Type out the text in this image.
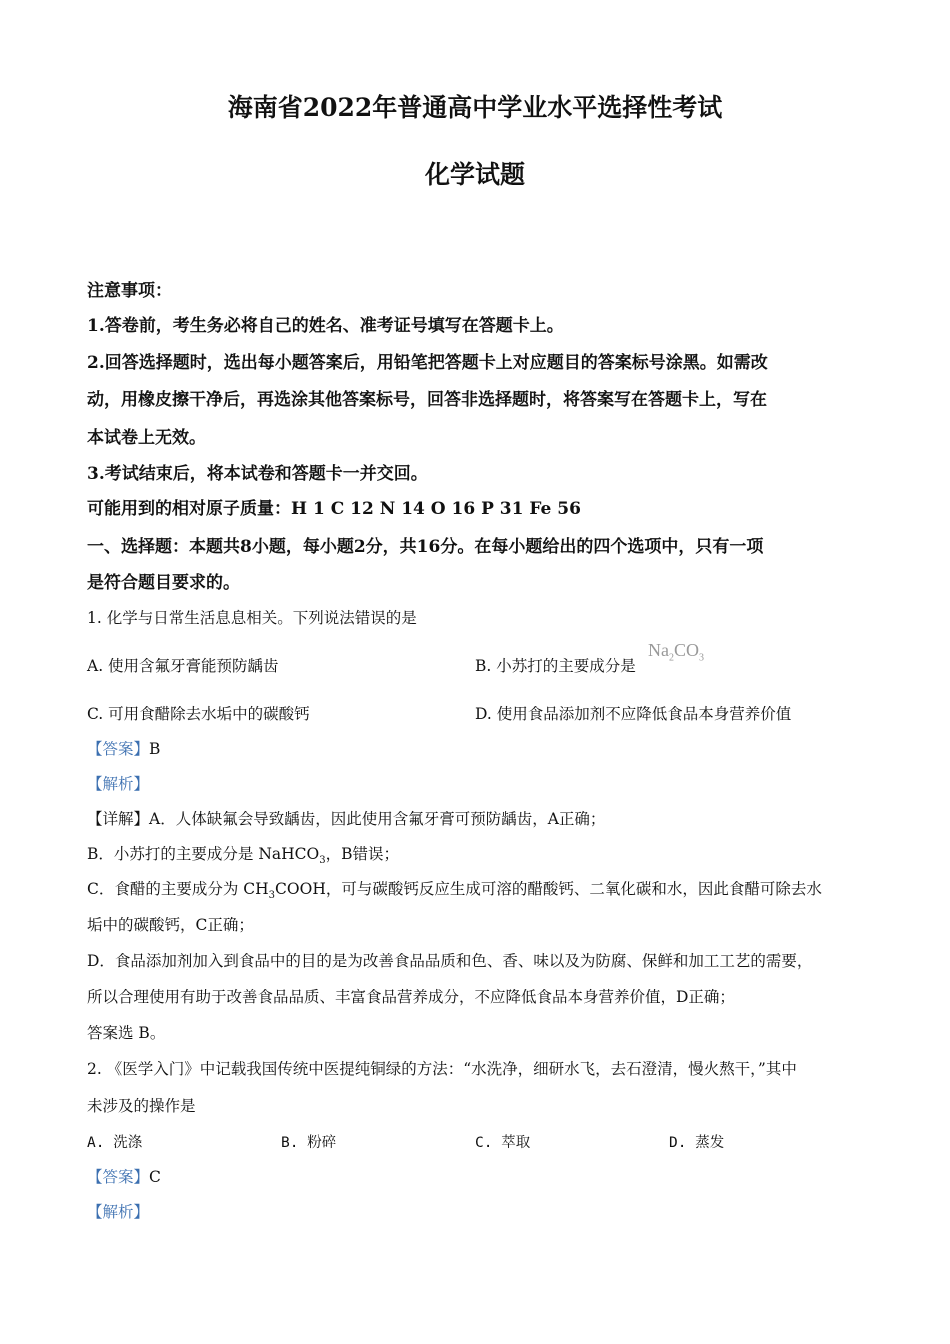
海南省2022年普通高中学业水平选择性考试
化学试题
注意事项：
1.答卷前，考生务必将自己的姓名、准考证号填写在答题卡上。
2.回答选择题时，选出每小题答案后，用铅笔把答题卡上对应题目的答案标号涂黑。如需改
动，用橡皮擦干净后，再选涂其他答案标号，回答非选择题时，将答案写在答题卡上，写在
本试卷上无效。
3.考试结束后，将本试卷和答题卡一并交回。
可能用到的相对原子质量：H 1 C 12 N 14 O 16 P 31 Fe 56
一、选择题：本题共8小题，每小题2分，共16分。在每小题给出的四个选项中，只有一项
是符合题目要求的。
1. 化学与日常生活息息相关。下列说法错误的是
A. 使用含氟牙膏能预防龋齿	B. 小苏打的主要成分是
$Na_2CO_3$
C. 可用食醋除去水垢中的碳酸钙	D. 使用食品添加剂不应降低食品本身营养价值
【答案】B
【解析】
【详解】A．人体缺氟会导致龋齿，因此使用含氟牙膏可预防龋齿，A正确；
B．小苏打的主要成分是 NaHCO$_3$，B错误；
C．食醋的主要成分为 $CH_3COOH$，可与碳酸钙反应生成可溶的醋酸钙、二氧化碳和水，因此食醋可除去水
垢中的碳酸钙，C正确；
D．食品添加剂加入到食品中的目的是为改善食品品质和色、香、味以及为防腐、保鲜和加工工艺的需要，
所以合理使用有助于改善食品品质、丰富食品营养成分，不应降低食品本身营养价值，D正确；
答案选 B。
2. 《医学入门》中记载我国传统中医提纯铜绿的方法：“水洗净，细研水飞，去石澄清，慢火熬干，”其中
未涉及的操作是
A. 洗涤	B. 粉碎	C. 萃取	D. 蒸发
【答案】C
【解析】
